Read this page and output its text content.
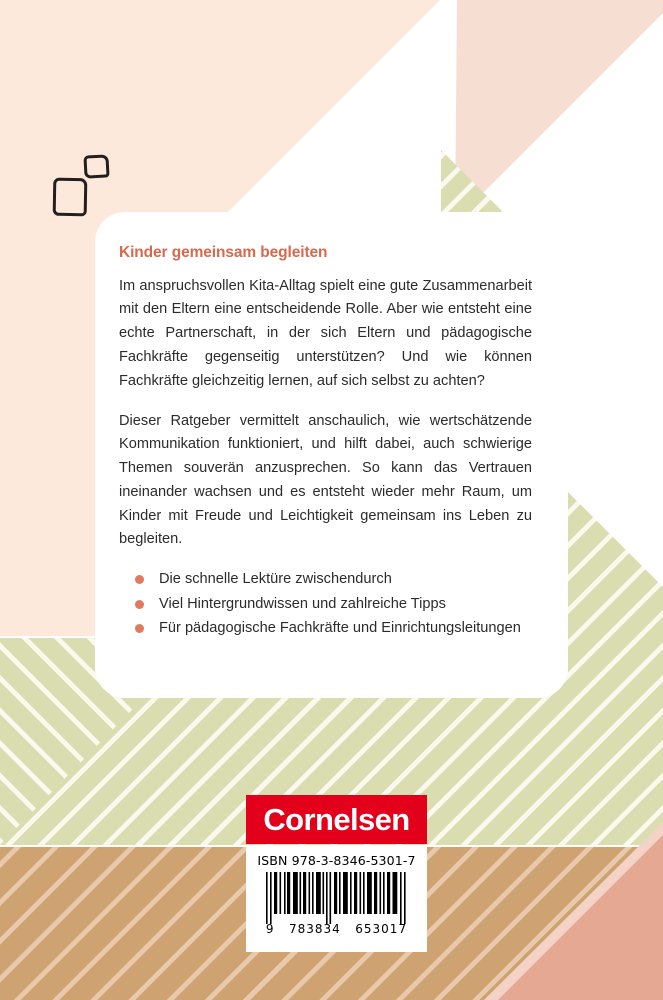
Kinder gemeinsam begleiten

Im anspruchsvollen Kita-Alltag spielt eine gute Zusammenarbeit mit den Eltern eine entscheidende Rolle. Aber wie entsteht eine echte Partnerschaft, in der sich Eltern und pädagogische Fachkräfte gegenseitig unterstützen? Und wie können Fachkräfte gleichzeitig lernen, auf sich selbst zu achten?

Dieser Ratgeber vermittelt anschaulich, wie wertschätzende Kommunikation funktioniert, und hilft dabei, auch schwierige Themen souverän anzusprechen. So kann das Vertrauen ineinander wachsen und es entsteht wieder mehr Raum, um Kinder mit Freude und Leichtigkeit gemeinsam ins Leben zu begleiten.

Die schnelle Lektüre zwischendurch
Viel Hintergrundwissen und zahlreiche Tipps
Für pädagogische Fachkräfte und Einrichtungsleitungen
Cornelsen
ISBN 978-3-8346-5301-7
9 783834 653017
